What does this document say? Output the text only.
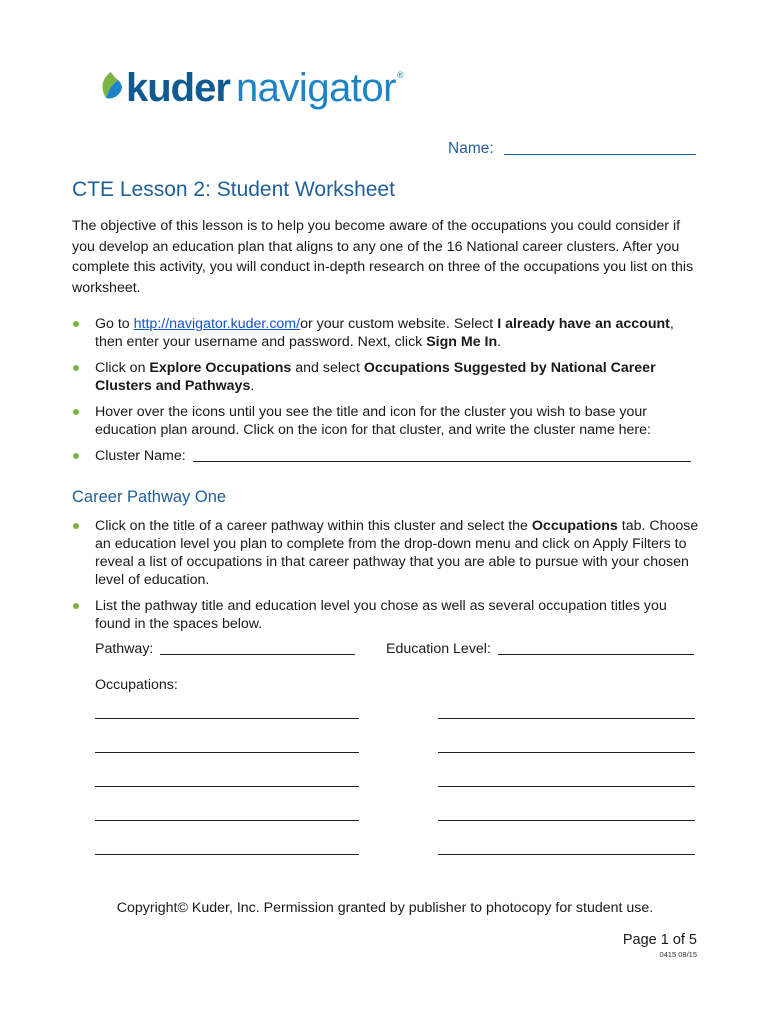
kuder navigator ®
Name:
CTE Lesson 2: Student Worksheet

The objective of this lesson is to help you become aware of the occupations you could consider if you develop an education plan that aligns to any one of the 16 National career clusters. After you complete this activity, you will conduct in-depth research on three of the occupations you list on this worksheet.

Go to http://navigator.kuder.com/or your custom website. Select I already have an account, then enter your username and password. Next, click Sign Me In.
Click on Explore Occupations and select Occupations Suggested by National Career Clusters and Pathways.
Hover over the icons until you see the title and icon for the cluster you wish to base your education plan around. Click on the icon for that cluster, and write the cluster name here:
Cluster Name:
Career Pathway One
Click on the title of a career pathway within this cluster and select the Occupations tab. Choose an education level you plan to complete from the drop-down menu and click on Apply Filters to reveal a list of occupations in that career pathway that you are able to pursue with your chosen level of education.
List the pathway title and education level you chose as well as several occupation titles you found in the spaces below.
Pathway:	Education Level:
Occupations:
Copyright© Kuder, Inc. Permission granted by publisher to photocopy for student use.
Page 1 of 5
0415 08/15
